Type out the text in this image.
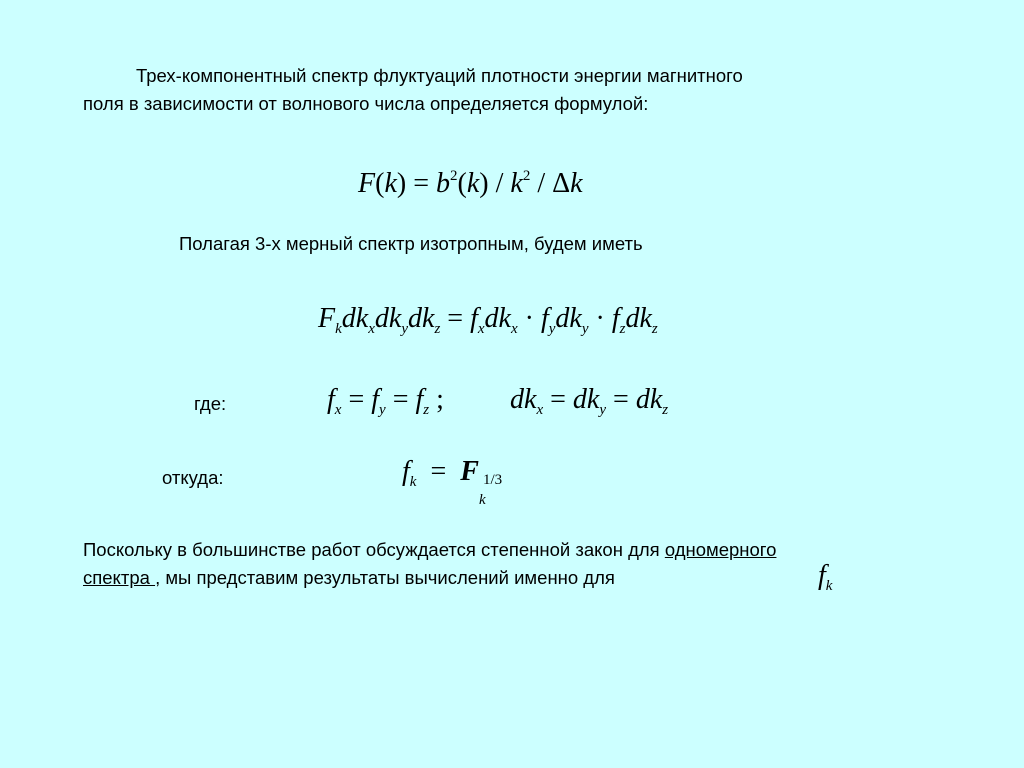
Трех-компонентный спектр флуктуаций плотности энергии магнитного
поля в зависимости от волнового числа определяется формулой:
$F(k) = b^2(k) / k^2 / \Delta k$
Полагая 3-х мерный спектр изотропным, будем иметь
$F_kdk_xdk_ydk_z = f_xdk_x \cdot f_ydk_y \cdot f_zdk_z$
где:	$f_x = f_y = f_z$ ; $dk_x = dk_y = dk_z$
откуда:	$f_k = F$
k
1/3
Поскольку в большинстве работ обсуждается степенной закон для одномерного
спектра , мы представим результаты вычислений именно для	$f_k$
